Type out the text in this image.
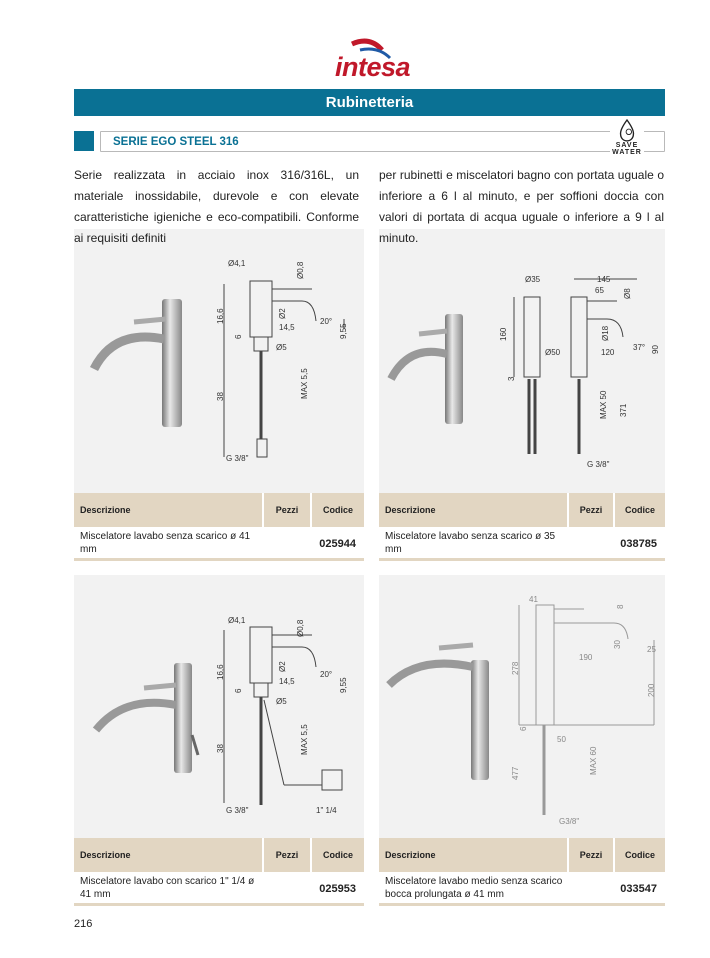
intesa
Rubinetteria
SERIE EGO STEEL 316	SAVE
WATER
Serie realizzata in acciaio inox 316/316L, un materiale inossidabile, durevole e con elevate caratteristiche igieniche e eco-compatibili. Conforme ai requisiti definiti
per rubinetti e miscelatori bagno con portata uguale o inferiore a 6 l al minuto, e per soffioni doccia con valori di portata di acqua uguale o inferiore a 9 l al minuto.
Ø4,1	Ø0,8
16,6	Ø2
20°
9,55
14,5
6
Ø5
38	MAX 5,5
G 3/8"
Descrizione	Pezzi	Codice
Miscelatore lavabo senza scarico ø 41 mm	025944
Ø35	145
65 Ø8
160	Ø18
37° 90
Ø50	120
3
MAX 50 371
G 3/8"
Descrizione	Pezzi	Codice
Miscelatore lavabo senza scarico ø 35 mm	038785
Ø4,1	Ø0,8
16,6	Ø2
20°
9,55
14,5
6
Ø5
38	MAX 5,5
G 3/8"	1" 1/4
Descrizione	Pezzi	Codice
Miscelatore lavabo con scarico 1" 1/4 ø 41 mm	025953
41
8
278
30
190
25
200
6
50
477	MAX 60
G3/8"
Descrizione	Pezzi	Codice
Miscelatore lavabo medio senza scarico bocca prolungata ø 41 mm	033547
216
